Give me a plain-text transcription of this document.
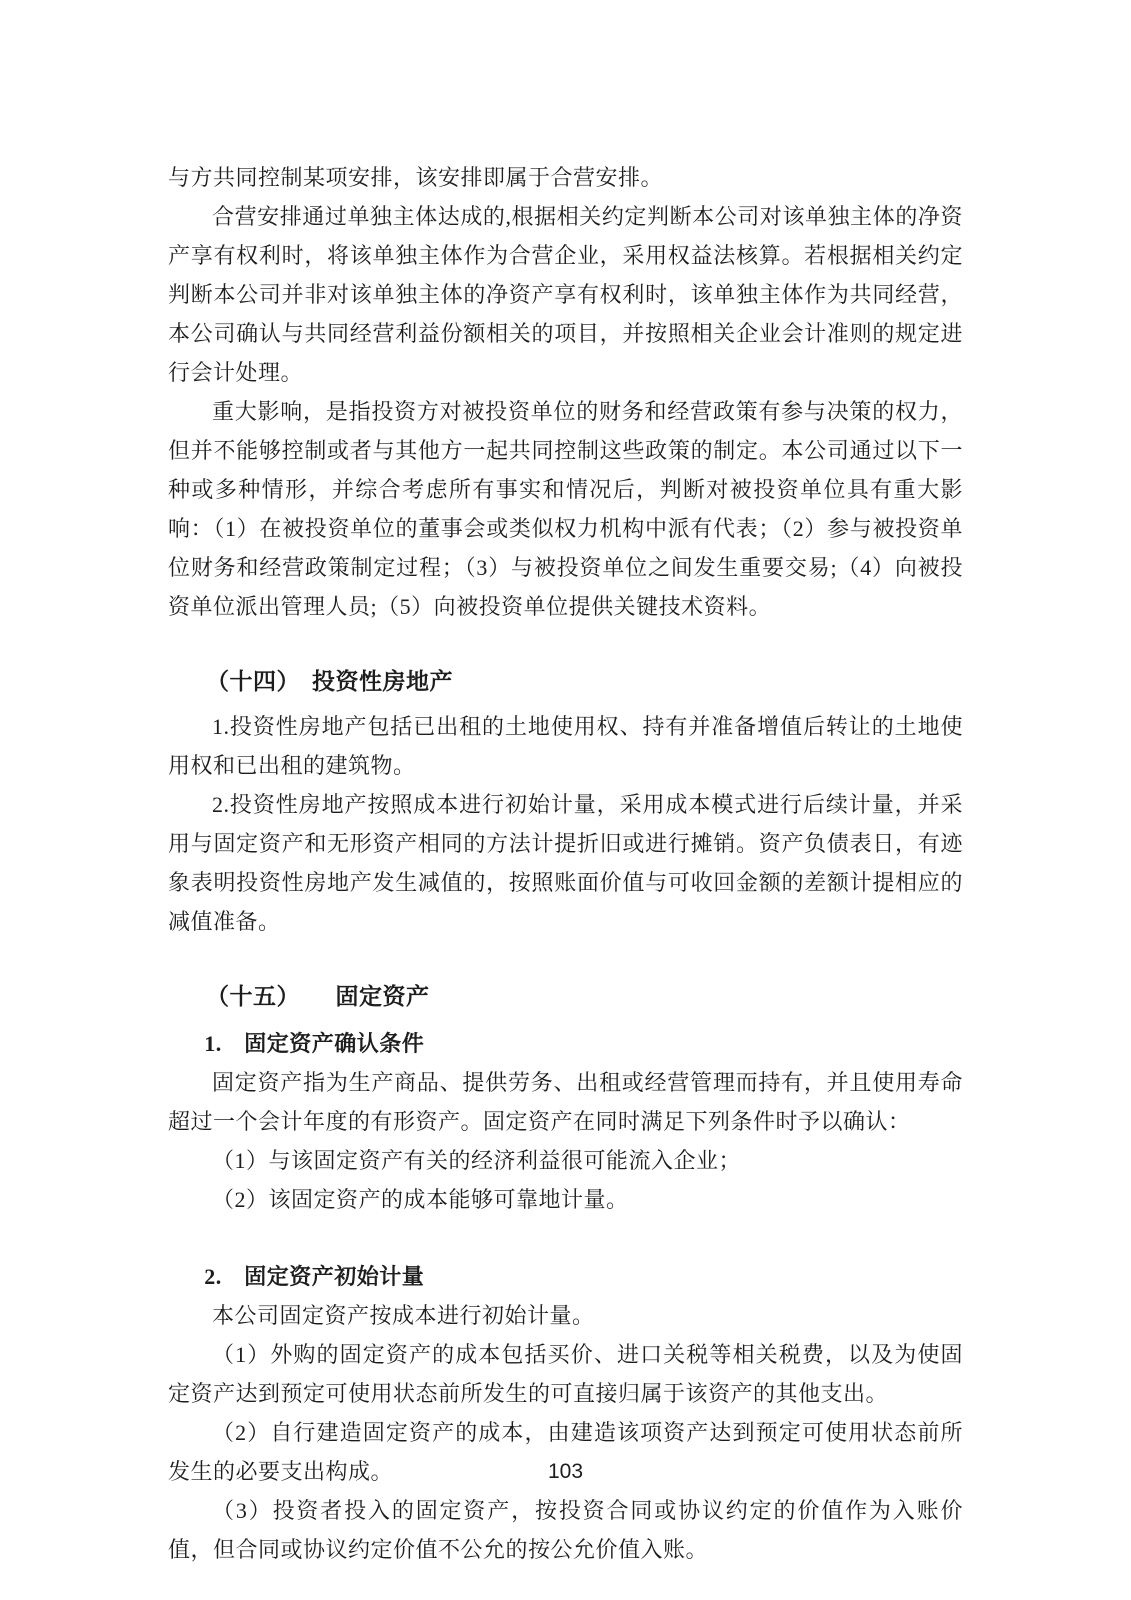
与方共同控制某项安排，该安排即属于合营安排。

合营安排通过单独主体达成的,根据相关约定判断本公司对该单独主体的净资产享有权利时，将该单独主体作为合营企业，采用权益法核算。若根据相关约定判断本公司并非对该单独主体的净资产享有权利时，该单独主体作为共同经营，本公司确认与共同经营利益份额相关的项目，并按照相关企业会计准则的规定进行会计处理。

重大影响，是指投资方对被投资单位的财务和经营政策有参与决策的权力，但并不能够控制或者与其他方一起共同控制这些政策的制定。本公司通过以下一种或多种情形，并综合考虑所有事实和情况后，判断对被投资单位具有重大影响：（1）在被投资单位的董事会或类似权力机构中派有代表；（2）参与被投资单位财务和经营政策制定过程；（3）与被投资单位之间发生重要交易;（4）向被投资单位派出管理人员;（5）向被投资单位提供关键技术资料。

（十四）　投资性房地产

1.投资性房地产包括已出租的土地使用权、持有并准备增值后转让的土地使用权和已出租的建筑物。

2.投资性房地产按照成本进行初始计量，采用成本模式进行后续计量，并采用与固定资产和无形资产相同的方法计提折旧或进行摊销。资产负债表日，有迹象表明投资性房地产发生减值的，按照账面价值与可收回金额的差额计提相应的减值准备。

（十五）　　固定资产

1.　固定资产确认条件

固定资产指为生产商品、提供劳务、出租或经营管理而持有，并且使用寿命超过一个会计年度的有形资产。固定资产在同时满足下列条件时予以确认：

（1）与该固定资产有关的经济利益很可能流入企业；

（2）该固定资产的成本能够可靠地计量。

2.　固定资产初始计量

本公司固定资产按成本进行初始计量。

（1）外购的固定资产的成本包括买价、进口关税等相关税费，以及为使固定资产达到预定可使用状态前所发生的可直接归属于该资产的其他支出。

（2）自行建造固定资产的成本，由建造该项资产达到预定可使用状态前所发生的必要支出构成。

（3）投资者投入的固定资产，按投资合同或协议约定的价值作为入账价值，但合同或协议约定价值不公允的按公允价值入账。

103
